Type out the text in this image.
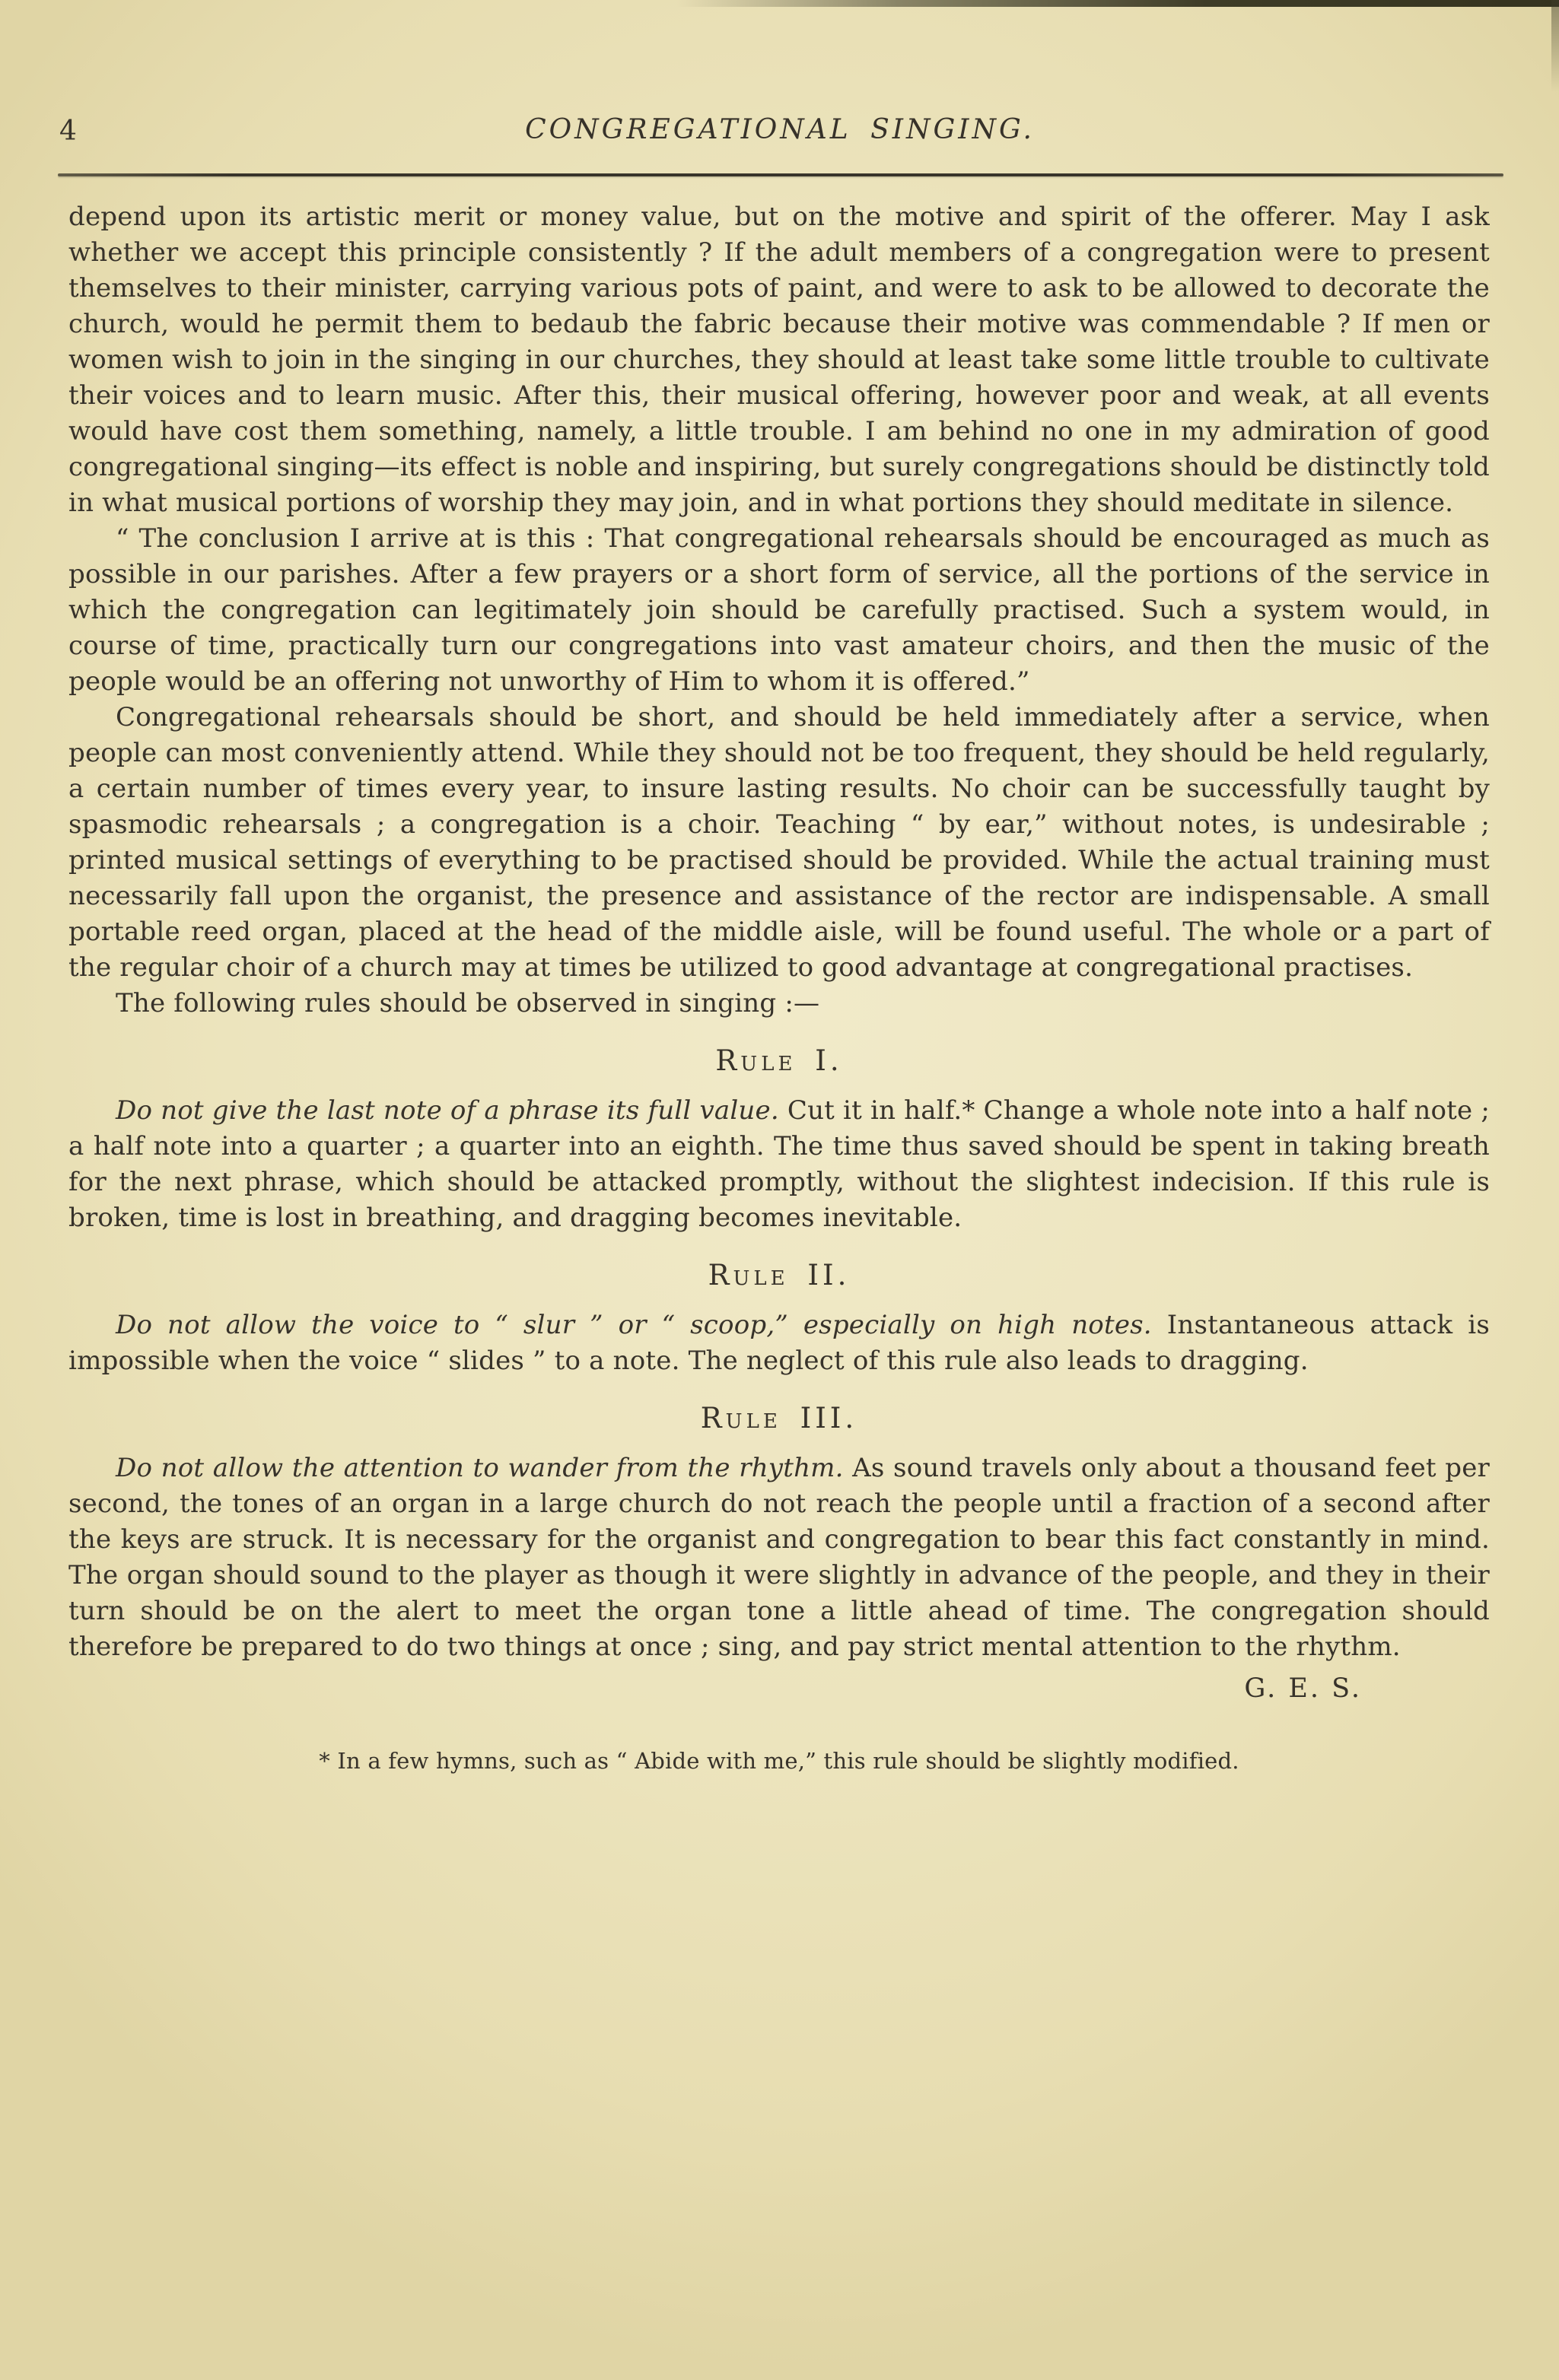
4	CONGREGATIONAL SINGING.

depend upon its artistic merit or money value, but on the motive and spirit of the offerer. May I ask whether we accept this principle consistently ? If the adult members of a congregation were to present themselves to their minister, carrying various pots of paint, and were to ask to be allowed to decorate the church, would he permit them to bedaub the fabric because their motive was commendable ? If men or women wish to join in the singing in our churches, they should at least take some little trouble to cultivate their voices and to learn music. After this, their musical offering, however poor and weak, at all events would have cost them something, namely, a little trouble. I am behind no one in my admiration of good congregational singing—its effect is noble and inspiring, but surely congregations should be distinctly told in what musical portions of worship they may join, and in what portions they should meditate in silence.

“ The conclusion I arrive at is this : That congregational rehearsals should be encouraged as much as possible in our parishes. After a few prayers or a short form of service, all the portions of the service in which the congregation can legitimately join should be carefully practised. Such a system would, in course of time, practically turn our congregations into vast amateur choirs, and then the music of the people would be an offering not unworthy of Him to whom it is offered.”

Congregational rehearsals should be short, and should be held immediately after a service, when people can most conveniently attend. While they should not be too frequent, they should be held regularly, a certain number of times every year, to insure lasting results. No choir can be successfully taught by spasmodic rehearsals ; a congregation is a choir. Teaching “ by ear,” without notes, is undesirable ; printed musical settings of everything to be practised should be provided. While the actual training must necessarily fall upon the organist, the presence and assistance of the rector are indispensable. A small portable reed organ, placed at the head of the middle aisle, will be found useful. The whole or a part of the regular choir of a church may at times be utilized to good advantage at congregational practises.

The following rules should be observed in singing :—

Rule I.

Do not give the last note of a phrase its full value. Cut it in half.* Change a whole note into a half note ; a half note into a quarter ; a quarter into an eighth. The time thus saved should be spent in taking breath for the next phrase, which should be attacked promptly, without the slightest indecision. If this rule is broken, time is lost in breathing, and dragging becomes inevitable.

Rule II.

Do not allow the voice to “ slur ” or “ scoop,” especially on high notes. Instantaneous attack is impossible when the voice “ slides ” to a note. The neglect of this rule also leads to dragging.

Rule III.

Do not allow the attention to wander from the rhythm. As sound travels only about a thousand feet per second, the tones of an organ in a large church do not reach the people until a fraction of a second after the keys are struck. It is necessary for the organist and congregation to bear this fact constantly in mind. The organ should sound to the player as though it were slightly in advance of the people, and they in their turn should be on the alert to meet the organ tone a little ahead of time. The congregation should therefore be prepared to do two things at once ; sing, and pay strict mental attention to the rhythm.

G. E. S.
* In a few hymns, such as “ Abide with me,” this rule should be slightly modified.
